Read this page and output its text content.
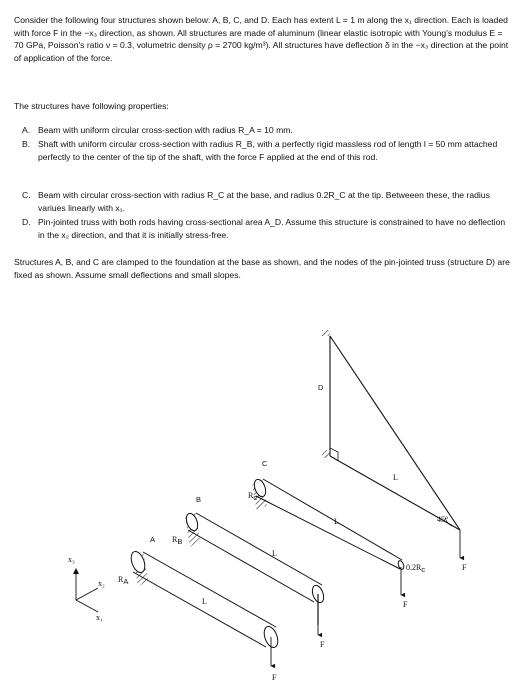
Consider the following four structures shown below: A, B, C, and D. Each has extent L = 1 m along the x₁ direction. Each is loaded with force F in the −x₃ direction, as shown. All structures are made of aluminum (linear elastic isotropic with Young's modulus E = 70 GPa, Poisson's ratio ν = 0.3, volumetric density ρ = 2700 kg/m³). All structures have deflection δ in the −x₃ direction at the point of application of the force.
The structures have following properties:
A. Beam with uniform circular cross-section with radius R_A = 10 mm.
B. Shaft with uniform circular cross-section with radius R_B, with a perfectly rigid massless rod of length l = 50 mm attached perfectly to the center of the tip of the shaft, with the force F applied at the end of this rod.
C. Beam with circular cross-section with radius R_C at the base, and radius 0.2R_C at the tip. Betweeen these, the radius variues linearly with x₁.
D. Pin-jointed truss with both rods having cross-sectional area A_D. Assume this structure is constrained to have no deflection in the x₂ direction, and that it is initially stress-free.
Structures A, B, and C are clamped to the foundation at the base as shown, and the nodes of the pin-jointed truss (structure D) are fixed as shown. Assume small deflections and small slopes.
x₃
x₂
x₁
F
L
RA
A
F
L
RB
B
F
L
Rc
0.2Rc
C
45°
F
L
D
